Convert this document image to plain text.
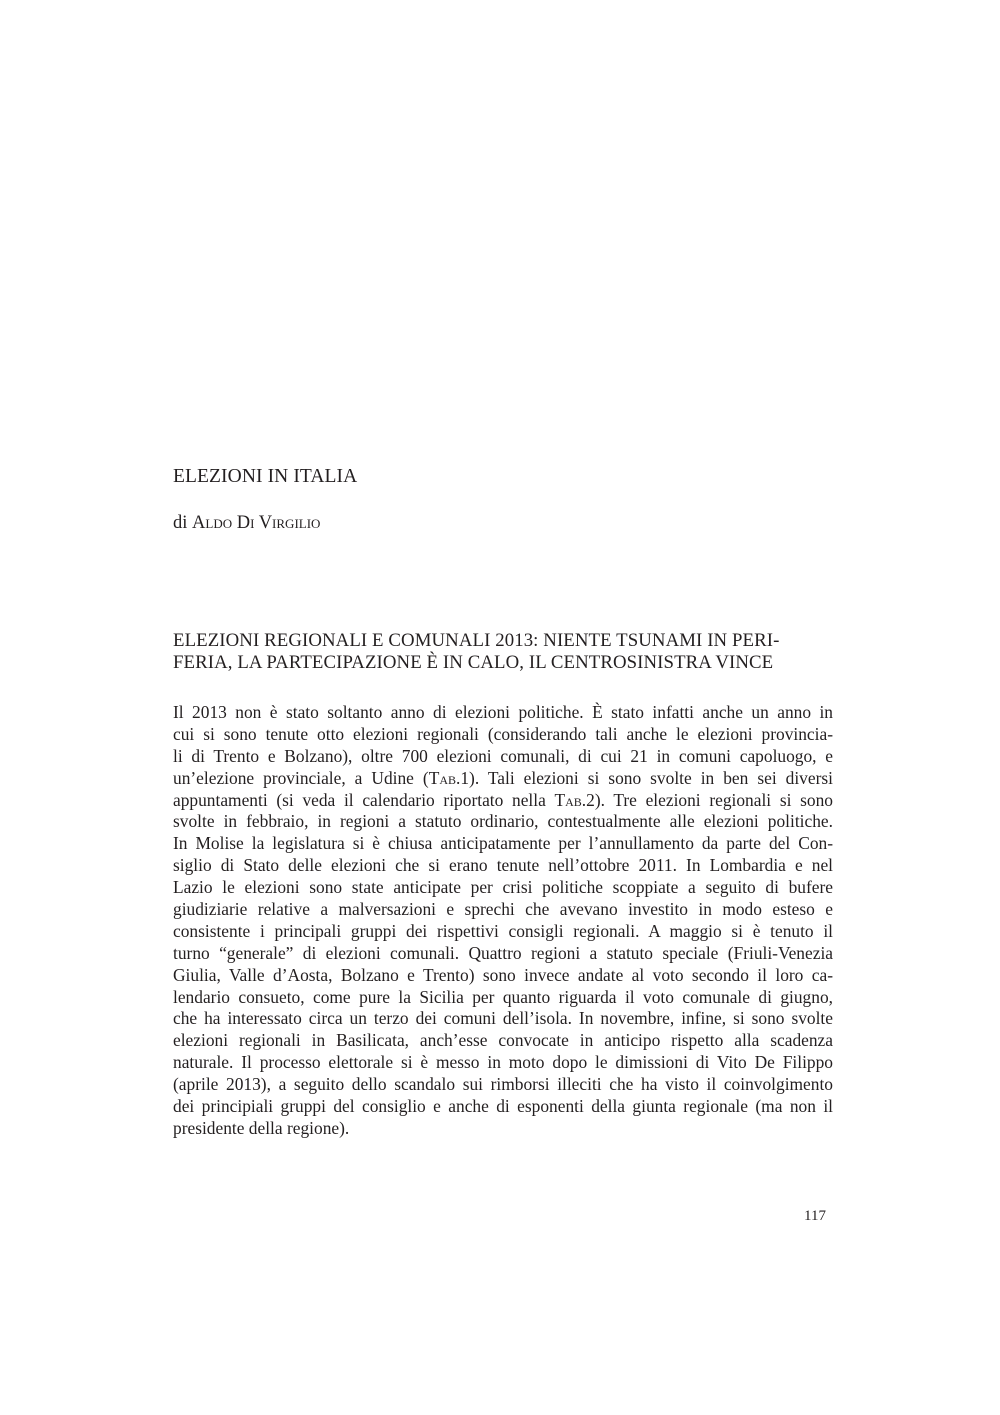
ELEZIONI IN ITALIA

di Aldo Di Virgilio

ELEZIONI REGIONALI E COMUNALI 2013: NIENTE TSUNAMI IN PERI-
FERIA, LA PARTECIPAZIONE È IN CALO, IL CENTROSINISTRA VINCE
Il 2013 non è stato soltanto anno di elezioni politiche. È stato infatti anche un anno in
cui si sono tenute otto elezioni regionali (considerando tali anche le elezioni provincia-
li di Trento e Bolzano), oltre 700 elezioni comunali, di cui 21 in comuni capoluogo, e
un’elezione provinciale, a Udine (Tab.1). Tali elezioni si sono svolte in ben sei diversi
appuntamenti (si veda il calendario riportato nella Tab.2). Tre elezioni regionali si sono
svolte in febbraio, in regioni a statuto ordinario, contestualmente alle elezioni politiche.
In Molise la legislatura si è chiusa anticipatamente per l’annullamento da parte del Con-
siglio di Stato delle elezioni che si erano tenute nell’ottobre 2011. In Lombardia e nel
Lazio le elezioni sono state anticipate per crisi politiche scoppiate a seguito di bufere
giudiziarie relative a malversazioni e sprechi che avevano investito in modo esteso e
consistente i principali gruppi dei rispettivi consigli regionali. A maggio si è tenuto il
turno “generale” di elezioni comunali. Quattro regioni a statuto speciale (Friuli-Venezia
Giulia, Valle d’Aosta, Bolzano e Trento) sono invece andate al voto secondo il loro ca-
lendario consueto, come pure la Sicilia per quanto riguarda il voto comunale di giugno,
che ha interessato circa un terzo dei comuni dell’isola. In novembre, infine, si sono svolte
elezioni regionali in Basilicata, anch’esse convocate in anticipo rispetto alla scadenza
naturale. Il processo elettorale si è messo in moto dopo le dimissioni di Vito De Filippo
(aprile 2013), a seguito dello scandalo sui rimborsi illeciti che ha visto il coinvolgimento
dei principiali gruppi del consiglio e anche di esponenti della giunta regionale (ma non il
presidente della regione).
117
